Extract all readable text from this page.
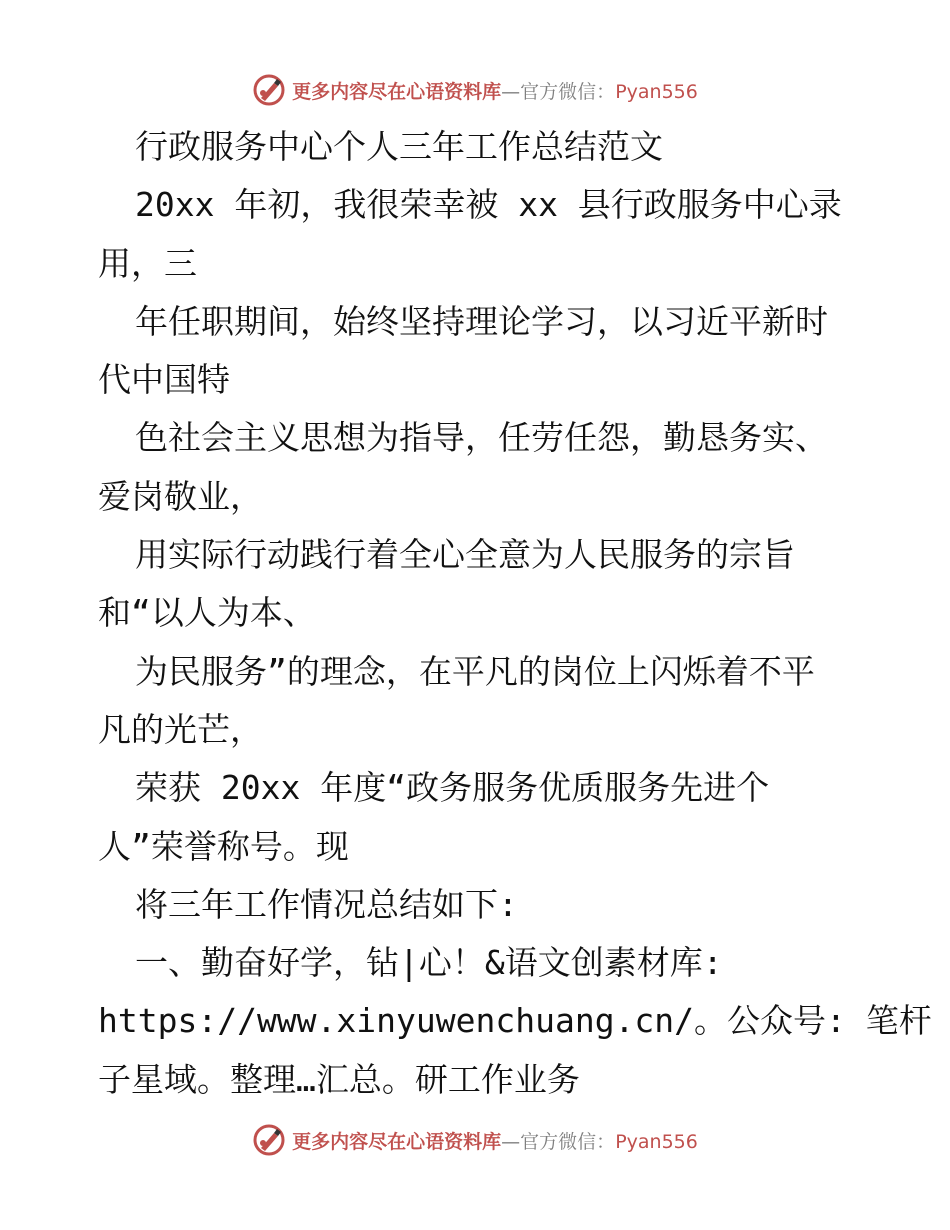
更多内容尽在心语资料库—官方微信：Pyan556
行政服务中心个人三年工作总结范文
20xx 年初，我很荣幸被 xx 县行政服务中心录
用，三
年任职期间，始终坚持理论学习，以习近平新时
代中国特
色社会主义思想为指导，任劳任怨，勤恳务实、
爱岗敬业，
用实际行动践行着全心全意为人民服务的宗旨
和“以人为本、
为民服务”的理念，在平凡的岗位上闪烁着不平
凡的光芒，
荣获 20xx 年度“政务服务优质服务先进个
人”荣誉称号。现
将三年工作情况总结如下:
一、勤奋好学，钻|心！&语文创素材库:
https://www.xinyuwenchuang.cn/。公众号: 笔杆
子星域。整理…汇总。研工作业务
更多内容尽在心语资料库—官方微信：Pyan556
